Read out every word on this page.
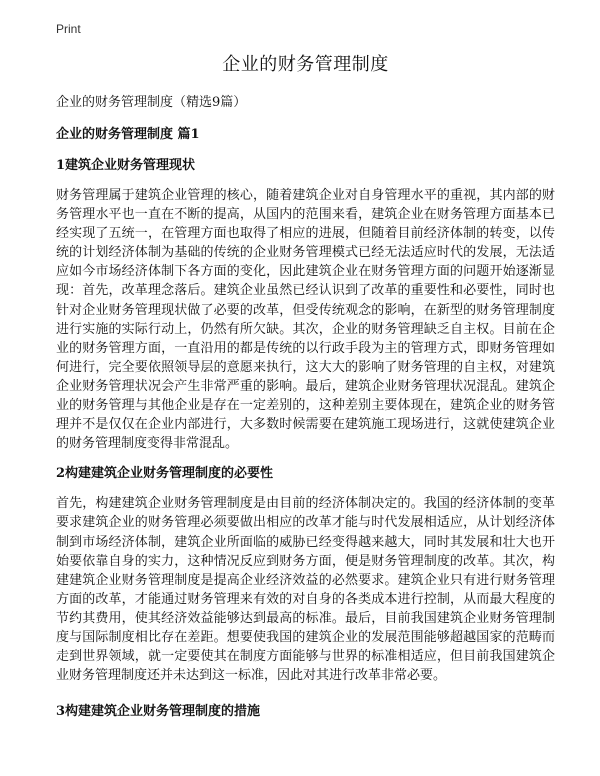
Print
企业的财务管理制度

企业的财务管理制度（精选9篇）

企业的财务管理制度 篇1
1建筑企业财务管理现状

财务管理属于建筑企业管理的核心，随着建筑企业对自身管理水平的重视，其内部的财务管理水平也一直在不断的提高，从国内的范围来看，建筑企业在财务管理方面基本已经实现了五统一，在管理方面也取得了相应的进展，但随着目前经济体制的转变，以传统的计划经济体制为基础的传统的企业财务管理模式已经无法适应时代的发展，无法适应如今市场经济体制下各方面的变化，因此建筑企业在财务管理方面的问题开始逐渐显现：首先，改革理念落后。建筑企业虽然已经认识到了改革的重要性和必要性，同时也针对企业财务管理现状做了必要的改革，但受传统观念的影响，在新型的财务管理制度进行实施的实际行动上，仍然有所欠缺。其次，企业的财务管理缺乏自主权。目前在企业的财务管理方面，一直沿用的都是传统的以行政手段为主的管理方式，即财务管理如何进行，完全要依照领导层的意愿来执行，这大大的影响了财务管理的自主权，对建筑企业财务管理状况会产生非常严重的影响。最后，建筑企业财务管理状况混乱。建筑企业的财务管理与其他企业是存在一定差别的，这种差别主要体现在，建筑企业的财务管理并不是仅仅在企业内部进行，大多数时候需要在建筑施工现场进行，这就使建筑企业的财务管理制度变得非常混乱。

2构建建筑企业财务管理制度的必要性

首先，构建建筑企业财务管理制度是由目前的经济体制决定的。我国的经济体制的变革要求建筑企业的财务管理必须要做出相应的改革才能与时代发展相适应，从计划经济体制到市场经济体制，建筑企业所面临的威胁已经变得越来越大，同时其发展和壮大也开始要依靠自身的实力，这种情况反应到财务方面，便是财务管理制度的改革。其次，构建建筑企业财务管理制度是提高企业经济效益的必然要求。建筑企业只有进行财务管理方面的改革，才能通过财务管理来有效的对自身的各类成本进行控制，从而最大程度的节约其费用，使其经济效益能够达到最高的标准。最后，目前我国建筑企业财务管理制度与国际制度相比存在差距。想要使我国的建筑企业的发展范围能够超越国家的范畴而走到世界领域，就一定要使其在制度方面能够与世界的标准相适应，但目前我国建筑企业财务管理制度还并未达到这一标准，因此对其进行改革非常必要。

3构建建筑企业财务管理制度的措施
